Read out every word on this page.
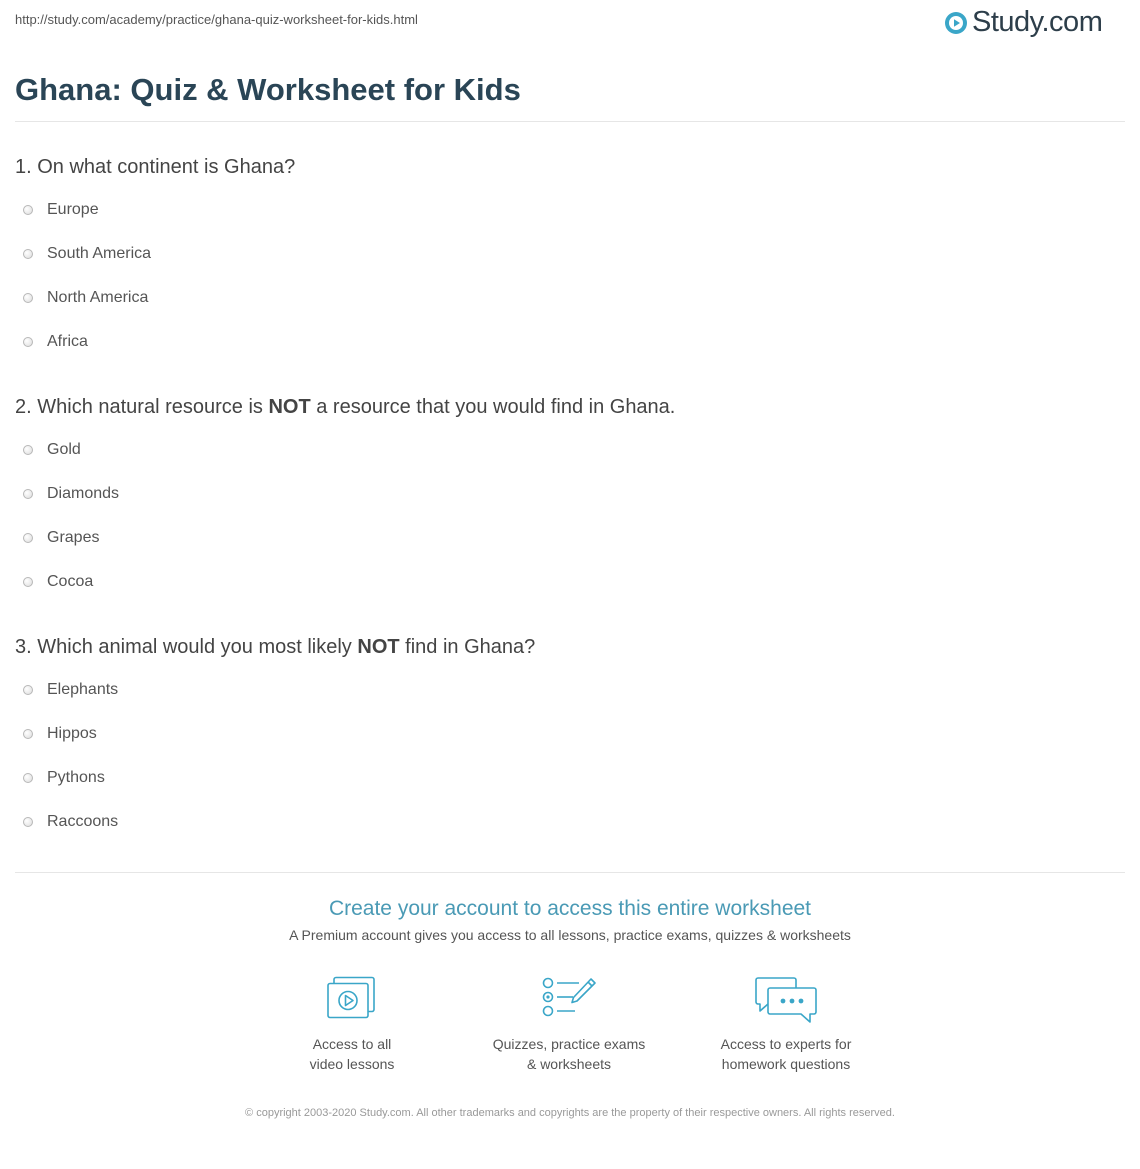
http://study.com/academy/practice/ghana-quiz-worksheet-for-kids.html	Study.com
Ghana: Quiz & Worksheet for Kids
1. On what continent is Ghana?
Europe
South America
North America
Africa
2. Which natural resource is NOT a resource that you would find in Ghana.
Gold
Diamonds
Grapes
Cocoa
3. Which animal would you most likely NOT find in Ghana?
Elephants
Hippos
Pythons
Raccoons
Create your account to access this entire worksheet
A Premium account gives you access to all lessons, practice exams, quizzes & worksheets
Access to all
video lessons
Quizzes, practice exams
& worksheets
Access to experts for
homework questions
© copyright 2003-2020 Study.com. All other trademarks and copyrights are the property of their respective owners. All rights reserved.
